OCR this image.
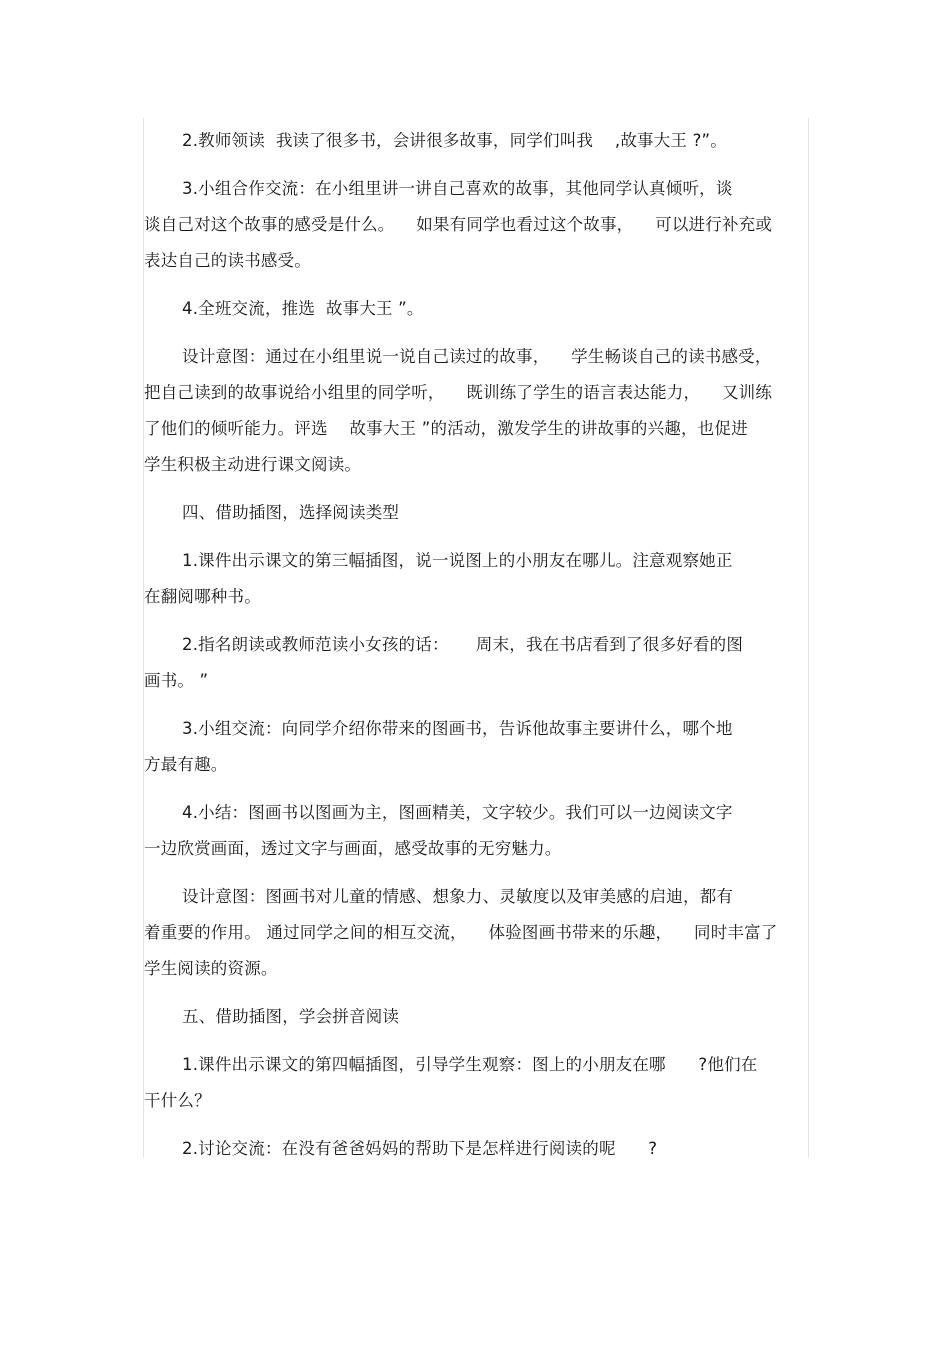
2.教师领读  我读了很多书，会讲很多故事，同学们叫我    ,故事大王 ?”。
3.小组合作交流：在小组里讲一讲自己喜欢的故事，其他同学认真倾听，谈
谈自己对这个故事的感受是什么。    如果有同学也看过这个故事，    可以进行补充或
表达自己的读书感受。
4.全班交流，推选  故事大王 ”。
设计意图：通过在小组里说一说自己读过的故事，    学生畅谈自己的读书感受，
把自己读到的故事说给小组里的同学听，    既训练了学生的语言表达能力，    又训练
了他们的倾听能力。评选    故事大王 ”的活动，激发学生的讲故事的兴趣，也促进
学生积极主动进行课文阅读。
四、借助插图，选择阅读类型
1.课件出示课文的第三幅插图，说一说图上的小朋友在哪儿。注意观察她正
在翻阅哪种书。
2.指名朗读或教师范读小女孩的话：     周末，我在书店看到了很多好看的图
画书。 ”
3.小组交流：向同学介绍你带来的图画书，告诉他故事主要讲什么，哪个地
方最有趣。
4.小结：图画书以图画为主，图画精美，文字较少。我们可以一边阅读文字
一边欣赏画面，透过文字与画面，感受故事的无穷魅力。
设计意图：图画书对儿童的情感、想象力、灵敏度以及审美感的启迪，都有
着重要的作用。 通过同学之间的相互交流，    体验图画书带来的乐趣，    同时丰富了
学生阅读的资源。
五、借助插图，学会拼音阅读
1.课件出示课文的第四幅插图，引导学生观察：图上的小朋友在哪      ?他们在
干什么？
2.讨论交流：在没有爸爸妈妈的帮助下是怎样进行阅读的呢      ?
